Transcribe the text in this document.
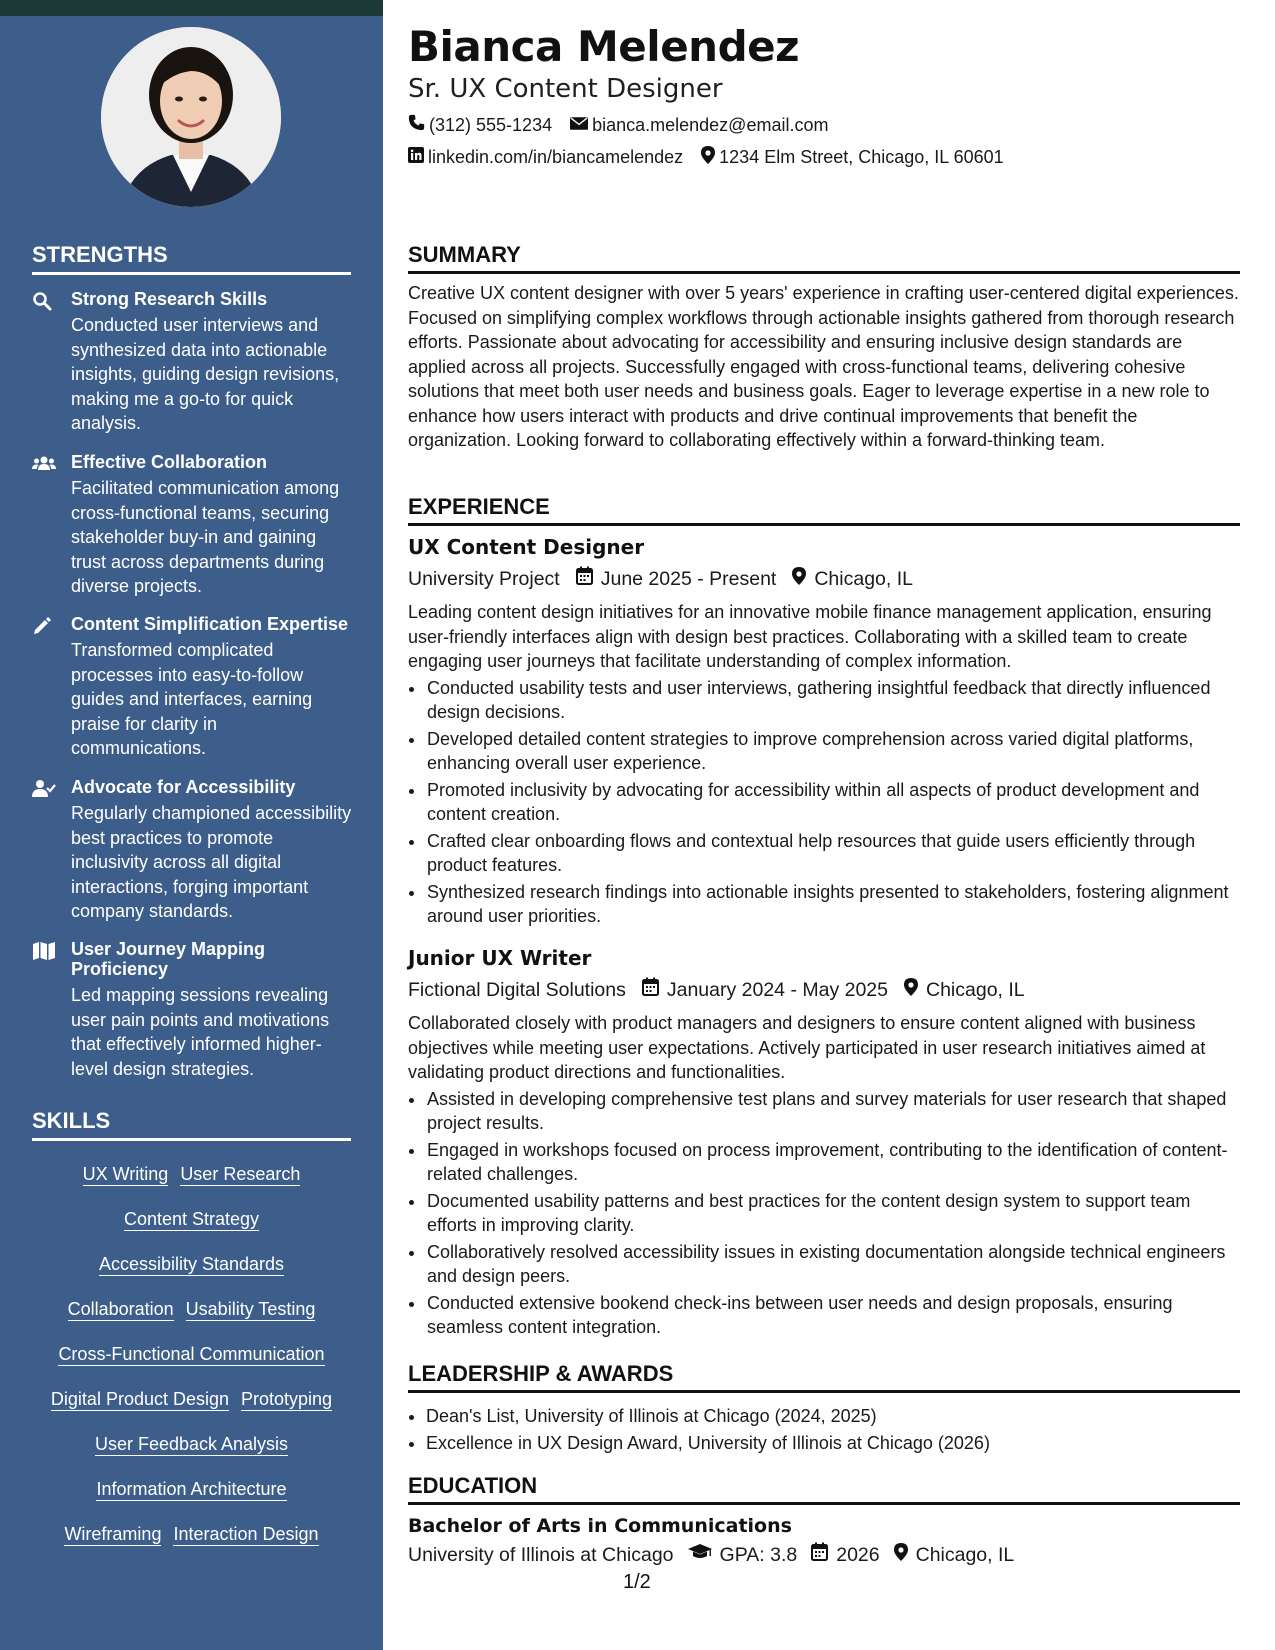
STRENGTHS
Strong Research Skills
Conducted user interviews and synthesized data into actionable insights, guiding design revisions, making me a go-to for quick analysis.
Effective Collaboration
Facilitated communication among cross-functional teams, securing stakeholder buy-in and gaining trust across departments during diverse projects.
Content Simplification Expertise
Transformed complicated processes into easy-to-follow guides and interfaces, earning praise for clarity in communications.
Advocate for Accessibility
Regularly championed accessibility best practices to promote inclusivity across all digital interactions, forging important company standards.
User Journey Mapping Proficiency
Led mapping sessions revealing user pain points and motivations that effectively informed higher-level design strategies.
SKILLS
UX Writing User Research
Content Strategy
Accessibility Standards
Collaboration Usability Testing
Cross-Functional Communication
Digital Product Design Prototyping
User Feedback Analysis
Information Architecture
Wireframing Interaction Design
Bianca Melendez
Sr. UX Content Designer
(312) 555-1234 bianca.melendez@email.com
linkedin.com/in/biancamelendez 1234 Elm Street, Chicago, IL 60601
SUMMARY

Creative UX content designer with over 5 years' experience in crafting user-centered digital experiences. Focused on simplifying complex workflows through actionable insights gathered from thorough research efforts. Passionate about advocating for accessibility and ensuring inclusive design standards are applied across all projects. Successfully engaged with cross-functional teams, delivering cohesive solutions that meet both user needs and business goals. Eager to leverage expertise in a new role to enhance how users interact with products and drive continual improvements that benefit the organization. Looking forward to collaborating effectively within a forward-thinking team.

EXPERIENCE
UX Content Designer
University Project June 2025 - Present Chicago, IL

Leading content design initiatives for an innovative mobile finance management application, ensuring user-friendly interfaces align with design best practices. Collaborating with a skilled team to create engaging user journeys that facilitate understanding of complex information.

• Conducted usability tests and user interviews, gathering insightful feedback that directly influenced design decisions.
• Developed detailed content strategies to improve comprehension across varied digital platforms, enhancing overall user experience.
• Promoted inclusivity by advocating for accessibility within all aspects of product development and content creation.
• Crafted clear onboarding flows and contextual help resources that guide users efficiently through product features.
• Synthesized research findings into actionable insights presented to stakeholders, fostering alignment around user priorities.
Junior UX Writer
Fictional Digital Solutions January 2024 - May 2025 Chicago, IL

Collaborated closely with product managers and designers to ensure content aligned with business objectives while meeting user expectations. Actively participated in user research initiatives aimed at validating product directions and functionalities.

• Assisted in developing comprehensive test plans and survey materials for user research that shaped project results.
• Engaged in workshops focused on process improvement, contributing to the identification of content-related challenges.
• Documented usability patterns and best practices for the content design system to support team efforts in improving clarity.
• Collaboratively resolved accessibility issues in existing documentation alongside technical engineers and design peers.
• Conducted extensive bookend check-ins between user needs and design proposals, ensuring seamless content integration.
LEADERSHIP & AWARDS
• Dean's List, University of Illinois at Chicago (2024, 2025)
• Excellence in UX Design Award, University of Illinois at Chicago (2026)
EDUCATION
Bachelor of Arts in Communications
University of Illinois at Chicago GPA: 3.8 2026 Chicago, IL
1/2
